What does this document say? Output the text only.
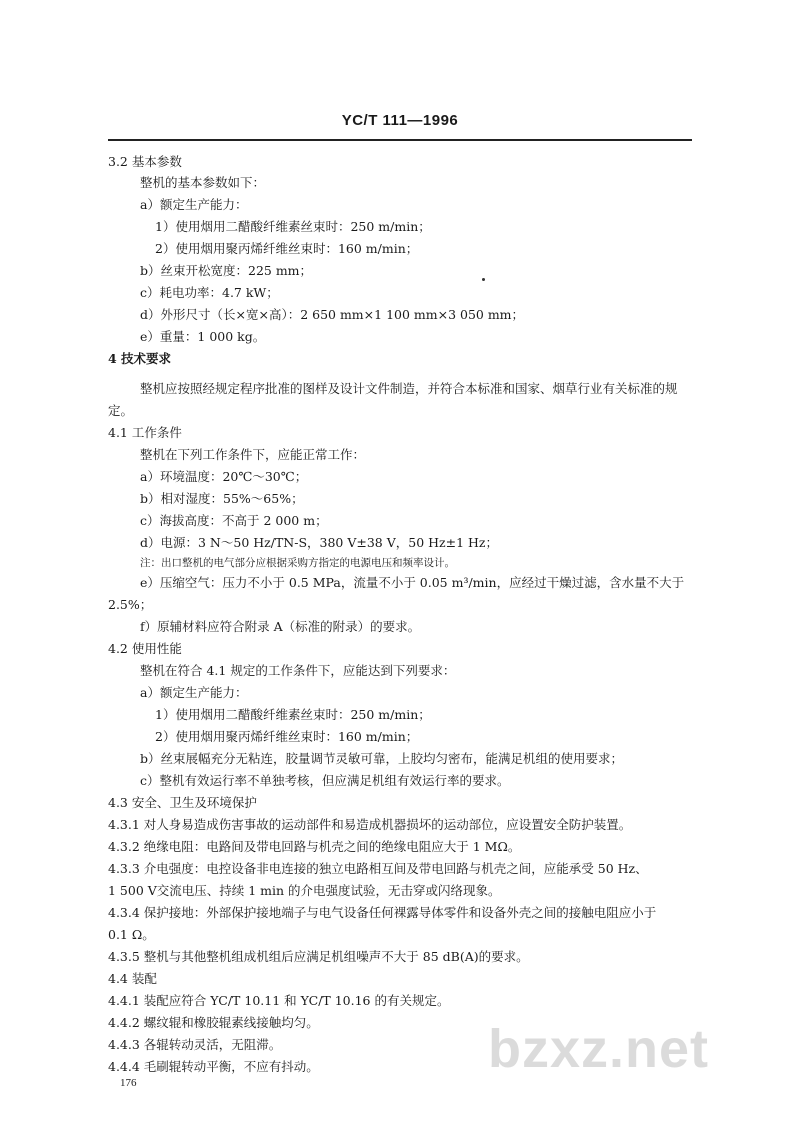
YC/T 111—1996
3.2 基本参数
整机的基本参数如下：
a）额定生产能力：
1）使用烟用二醋酸纤维素丝束时：250 m/min；
2）使用烟用聚丙烯纤维丝束时：160 m/min；
b）丝束开松宽度：225 mm；
c）耗电功率：4.7 kW；
d）外形尺寸（长×宽×高）：2 650 mm×1 100 mm×3 050 mm；
e）重量：1 000 kg。
4 技术要求
整机应按照经规定程序批准的图样及设计文件制造，并符合本标准和国家、烟草行业有关标准的规
定。
4.1 工作条件
整机在下列工作条件下，应能正常工作：
a）环境温度：20℃～30℃；
b）相对湿度：55%～65%；
c）海拔高度：不高于 2 000 m；
d）电源：3 N～50 Hz/TN-S，380 V±38 V，50 Hz±1 Hz；
注：出口整机的电气部分应根据采购方指定的电源电压和频率设计。
e）压缩空气：压力不小于 0.5 MPa，流量不小于 0.05 m³/min，应经过干燥过滤，含水量不大于
2.5%；
f）原辅材料应符合附录 A（标准的附录）的要求。
4.2 使用性能
整机在符合 4.1 规定的工作条件下，应能达到下列要求：
a）额定生产能力：
1）使用烟用二醋酸纤维素丝束时：250 m/min；
2）使用烟用聚丙烯纤维丝束时：160 m/min；
b）丝束展幅充分无粘连，胶量调节灵敏可靠，上胶均匀密布，能满足机组的使用要求；
c）整机有效运行率不单独考核，但应满足机组有效运行率的要求。
4.3 安全、卫生及环境保护
4.3.1 对人身易造成伤害事故的运动部件和易造成机器损坏的运动部位，应设置安全防护装置。
4.3.2 绝缘电阻：电路间及带电回路与机壳之间的绝缘电阻应大于 1 MΩ。
4.3.3 介电强度：电控设备非电连接的独立电路相互间及带电回路与机壳之间，应能承受 50 Hz、
1 500 V交流电压、持续 1 min 的介电强度试验，无击穿或闪络现象。
4.3.4 保护接地：外部保护接地端子与电气设备任何裸露导体零件和设备外壳之间的接触电阻应小于
0.1 Ω。
4.3.5 整机与其他整机组成机组后应满足机组噪声不大于 85 dB(A)的要求。
4.4 装配
4.4.1 装配应符合 YC/T 10.11 和 YC/T 10.16 的有关规定。
4.4.2 螺纹辊和橡胶辊素线接触均匀。
4.4.3 各辊转动灵活，无阻滞。
4.4.4 毛刷辊转动平衡，不应有抖动。	bzxz.net
176
